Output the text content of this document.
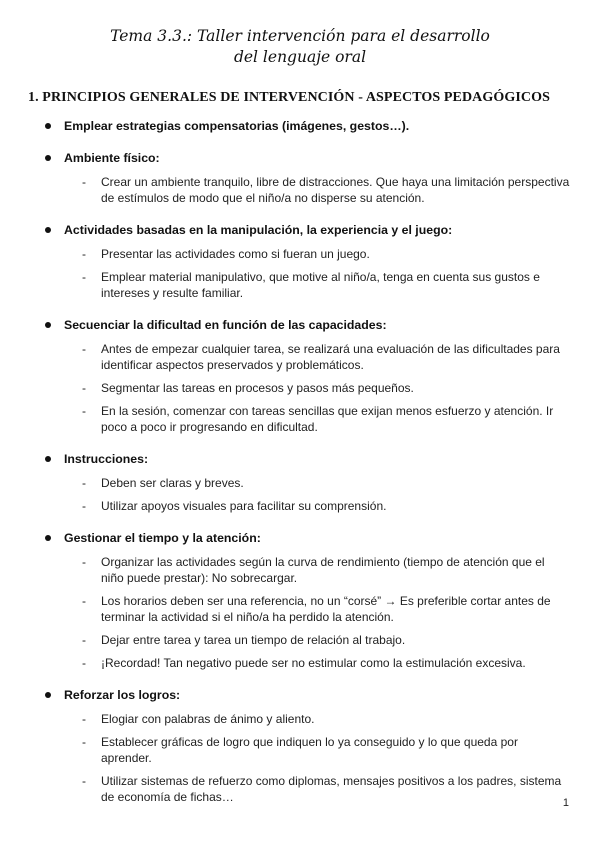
Tema 3.3.: Taller intervención para el desarrollo
del lenguaje oral
1. PRINCIPIOS GENERALES DE INTERVENCIÓN - ASPECTOS PEDAGÓGICOS
Emplear estrategias compensatorias (imágenes, gestos…).
Ambiente físico:
- Crear un ambiente tranquilo, libre de distracciones. Que haya una limitación perspectiva de estímulos de modo que el niño/a no disperse su atención.
Actividades basadas en la manipulación, la experiencia y el juego:
- Presentar las actividades como si fueran un juego.
- Emplear material manipulativo, que motive al niño/a, tenga en cuenta sus gustos e intereses y resulte familiar.
Secuenciar la dificultad en función de las capacidades:
- Antes de empezar cualquier tarea, se realizará una evaluación de las dificultades para identificar aspectos preservados y problemáticos.
- Segmentar las tareas en procesos y pasos más pequeños.
- En la sesión, comenzar con tareas sencillas que exijan menos esfuerzo y atención. Ir poco a poco ir progresando en dificultad.
Instrucciones:
- Deben ser claras y breves.
- Utilizar apoyos visuales para facilitar su comprensión.
Gestionar el tiempo y la atención:
- Organizar las actividades según la curva de rendimiento (tiempo de atención que el niño puede prestar): No sobrecargar.
- Los horarios deben ser una referencia, no un “corsé” → Es preferible cortar antes de terminar la actividad si el niño/a ha perdido la atención.
- Dejar entre tarea y tarea un tiempo de relación al trabajo.
- ¡Recordad! Tan negativo puede ser no estimular como la estimulación excesiva.
Reforzar los logros:
- Elogiar con palabras de ánimo y aliento.
- Establecer gráficas de logro que indiquen lo ya conseguido y lo que queda por aprender.
- Utilizar sistemas de refuerzo como diplomas, mensajes positivos a los padres, sistema de economía de fichas…	1
